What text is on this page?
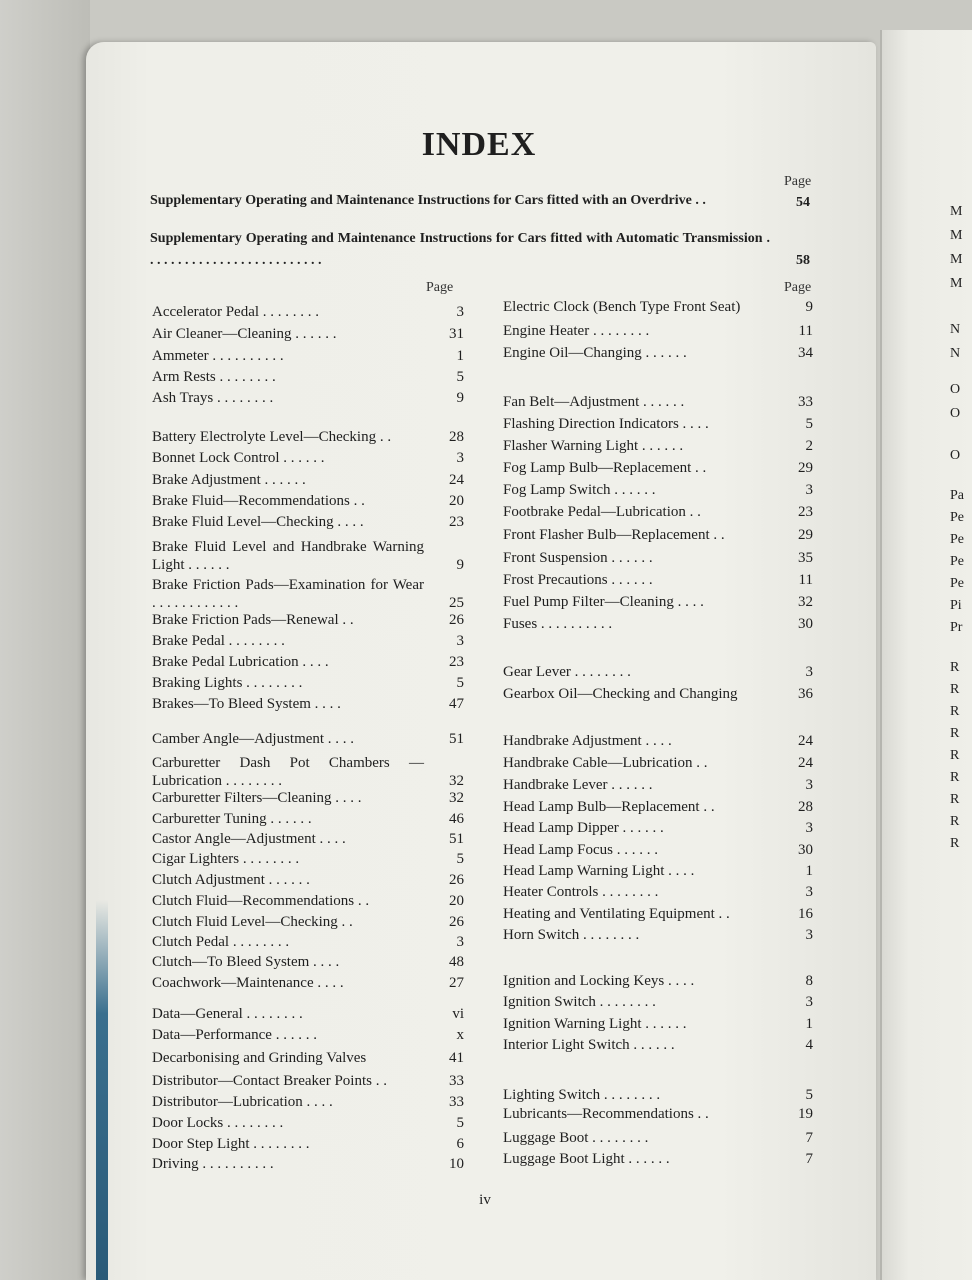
M
M
M
M
N
N
O
O
O
Pa
Pe
Pe
Pe
Pe
Pi
Pr
R
R
R
R
R
R
R
R
R
INDEX
Page
Supplementary Operating and Maintenance Instructions for Cars fitted with an Overdrive . .	54
Supplementary Operating and Maintenance Instructions for Cars fitted with Automatic Transmission . . . . . . . . . . . . . . . . . . . . . . . . . .	58
Page	Page
Accelerator Pedal . . . . . . . .	3
Air Cleaner—Cleaning . . . . . .	31
Ammeter . . . . . . . . . .	1
Arm Rests . . . . . . . .	5
Ash Trays . . . . . . . .	9
Battery Electrolyte Level—Checking . .	28
Bonnet Lock Control . . . . . .	3
Brake Adjustment . . . . . .	24
Brake Fluid—Recommendations . .	20
Brake Fluid Level—Checking . . . .	23
Brake Fluid Level and Handbrake Warning Light . . . . . .	9
Brake Friction Pads—Examination for Wear . . . . . . . . . . . .	25
Brake Friction Pads—Renewal . .	26
Brake Pedal . . . . . . . .	3
Brake Pedal Lubrication . . . .	23
Braking Lights . . . . . . . .	5
Brakes—To Bleed System . . . .	47
Camber Angle—Adjustment . . . .	51
Carburetter Dash Pot Chambers — Lubrication . . . . . . . .	32
Carburetter Filters—Cleaning . . . .	32
Carburetter Tuning . . . . . .	46
Castor Angle—Adjustment . . . .	51
Cigar Lighters . . . . . . . .	5
Clutch Adjustment . . . . . .	26
Clutch Fluid—Recommendations . .	20
Clutch Fluid Level—Checking . .	26
Clutch Pedal . . . . . . . .	3
Clutch—To Bleed System . . . .	48
Coachwork—Maintenance . . . .	27
Data—General . . . . . . . .	vi
Data—Performance . . . . . .	x
Decarbonising and Grinding Valves	41
Distributor—Contact Breaker Points . .	33
Distributor—Lubrication . . . .	33
Door Locks . . . . . . . .	5
Door Step Light . . . . . . . .	6
Driving . . . . . . . . . .	10
Electric Clock (Bench Type Front Seat)	9
Engine Heater . . . . . . . .	11
Engine Oil—Changing . . . . . .	34
Fan Belt—Adjustment . . . . . .	33
Flashing Direction Indicators . . . .	5
Flasher Warning Light . . . . . .	2
Fog Lamp Bulb—Replacement . .	29
Fog Lamp Switch . . . . . .	3
Footbrake Pedal—Lubrication . .	23
Front Flasher Bulb—Replacement . .	29
Front Suspension . . . . . .	35
Frost Precautions . . . . . .	11
Fuel Pump Filter—Cleaning . . . .	32
Fuses . . . . . . . . . .	30
Gear Lever . . . . . . . .	3
Gearbox Oil—Checking and Changing	36
Handbrake Adjustment . . . .	24
Handbrake Cable—Lubrication . .	24
Handbrake Lever . . . . . .	3
Head Lamp Bulb—Replacement . .	28
Head Lamp Dipper . . . . . .	3
Head Lamp Focus . . . . . .	30
Head Lamp Warning Light . . . .	1
Heater Controls . . . . . . . .	3
Heating and Ventilating Equipment . .	16
Horn Switch . . . . . . . .	3
Ignition and Locking Keys . . . .	8
Ignition Switch . . . . . . . .	3
Ignition Warning Light . . . . . .	1
Interior Light Switch . . . . . .	4
Lighting Switch . . . . . . . .	5
Lubricants—Recommendations . .	19
Luggage Boot . . . . . . . .	7
Luggage Boot Light . . . . . .	7
iv
